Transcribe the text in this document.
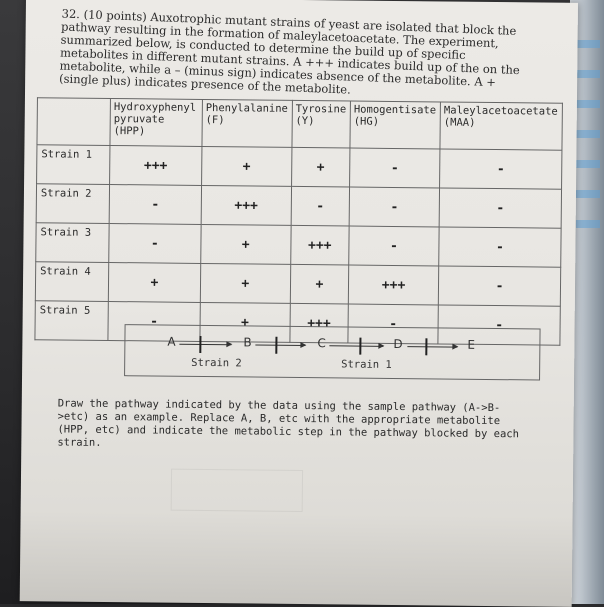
32. (10 points) Auxotrophic mutant strains of yeast are isolated that block the pathway resulting in the formation of maleylacetoacetate. The experiment, summarized below, is conducted to determine the build up of specific metabolites in different mutant strains. A +++ indicates build up of the on the metabolite, while a – (minus sign) indicates absence of the metabolite. A + (single plus) indicates presence of the metabolite.
	Hydroxyphenyl pyruvate (HPP)	Phenylalanine (F)	Tyrosine (Y)	Homogentisate (HG)	Maleylacetoacetate (MAA)
Strain 1	+++	+	+	-	-
Strain 2	-	+++	-	-	-
Strain 3	-	+	+++	-	-
Strain 4	+	+	+	+++	-
Strain 5	-	+	+++	-	-
A	B	C	D	E
Strain 2	Strain 1
Draw the pathway indicated by the data using the sample pathway (A->B->etc) as an example. Replace A, B, etc with the appropriate metabolite (HPP, etc) and indicate the metabolic step in the pathway blocked by each strain.
